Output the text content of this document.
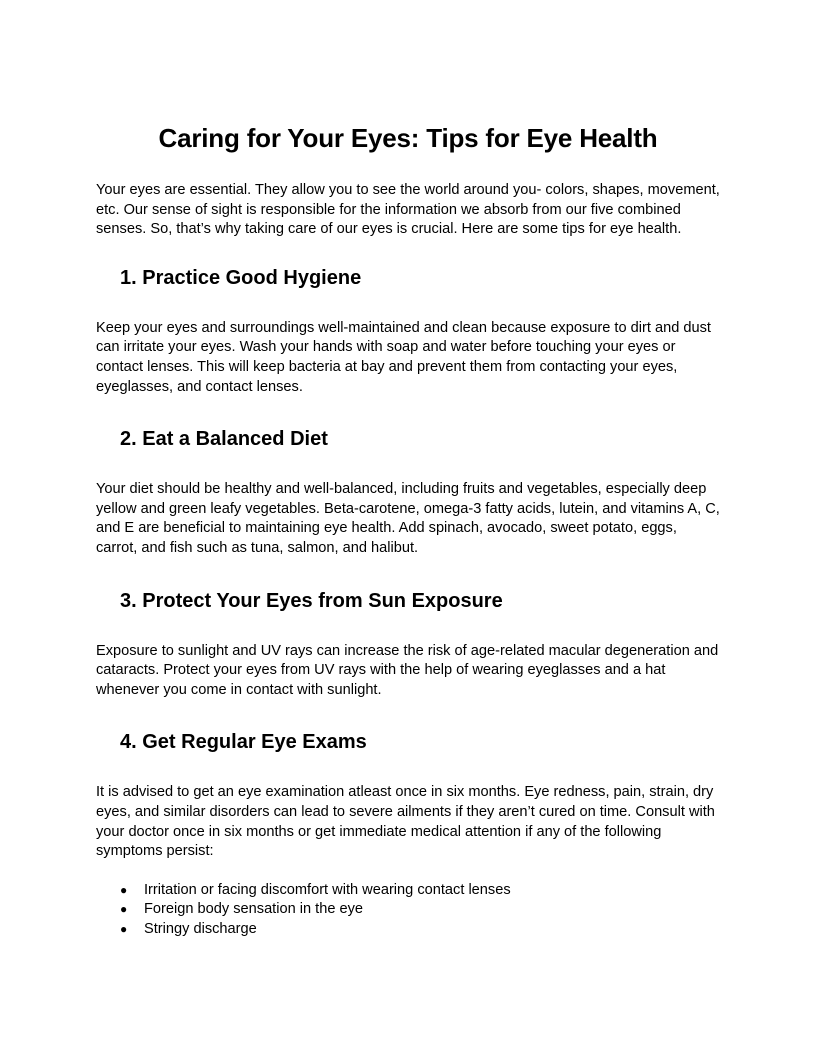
Caring for Your Eyes: Tips for Eye Health

Your eyes are essential. They allow you to see the world around you- colors, shapes, movement, etc. Our sense of sight is responsible for the information we absorb from our five combined senses. So, that’s why taking care of our eyes is crucial. Here are some tips for eye health.

1. Practice Good Hygiene

Keep your eyes and surroundings well-maintained and clean because exposure to dirt and dust can irritate your eyes. Wash your hands with soap and water before touching your eyes or contact lenses. This will keep bacteria at bay and prevent them from contacting your eyes, eyeglasses, and contact lenses.

2. Eat a Balanced Diet

Your diet should be healthy and well-balanced, including fruits and vegetables, especially deep yellow and green leafy vegetables. Beta-carotene, omega-3 fatty acids, lutein, and vitamins A, C, and E are beneficial to maintaining eye health. Add spinach, avocado, sweet potato, eggs, carrot, and fish such as tuna, salmon, and halibut.

3. Protect Your Eyes from Sun Exposure

Exposure to sunlight and UV rays can increase the risk of age-related macular degeneration and cataracts. Protect your eyes from UV rays with the help of wearing eyeglasses and a hat whenever you come in contact with sunlight.

4. Get Regular Eye Exams

It is advised to get an eye examination atleast once in six months. Eye redness, pain, strain, dry eyes, and similar disorders can lead to severe ailments if they aren’t cured on time. Consult with your doctor once in six months or get immediate medical attention if any of the following symptoms persist:

● Irritation or facing discomfort with wearing contact lenses
● Foreign body sensation in the eye
● Stringy discharge
